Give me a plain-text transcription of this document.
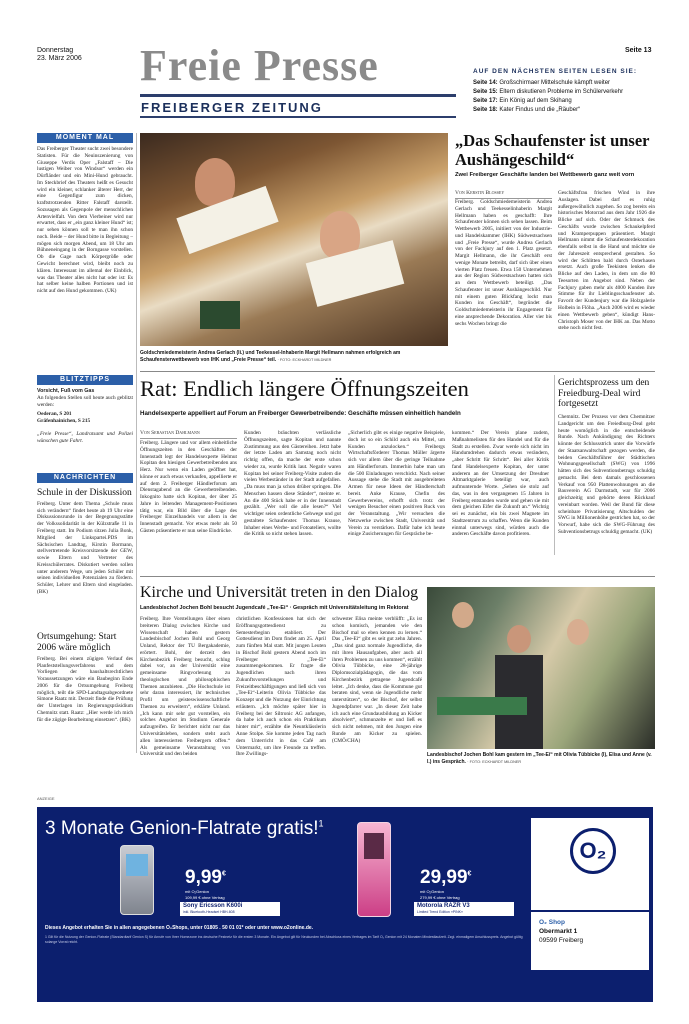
Donnerstag
23. März 2006 Freie Presse
FREIBERGER ZEITUNG
Seite 13
AUF DEN NÄCHSTEN SEITEN LESEN SIE:
Seite 14: Großschirmaer Mittelschule kämpft weiter
Seite 15: Eltern diskutieren Probleme im Schülerverkehr
Seite 17: Ein König auf dem Skihang
Seite 18: Kater Findus und die „Räuber“
MOMENT MAL
Das Freiberger Theater sucht zwei besondere Statisten. Für die Neuinszenierung von Giuseppe Verdis Oper „Falstaff – Die lustigen Weiber von Windsor“ werden ein Dürfländer und ein Mini-Hund gebraucht. Im Steckbrief des Theaters heißt es Gesucht wird ein kleiner, schlanker älterer Herr, der eine Gegenfigur zum dicken, kraftstrotzenden Ritter Falstaff darstellt. Sozusagen als Gegenpole der menschlichen Artenvielfalt. Von dem Vierbeiner wird nur erwartet, dass er „ein ganz kleiner Hund“ ist; nur sehen können soll te man ihn schon noch. Beide – der Hund bitte in Begleitung – mögen sich morgen Abend, um 18 Uhr am Bühneneingang in der Borngasse vorstellen. Ob die Gage nach Körpergröße oder Gewicht berechnet wird, bleibt noch zu klären. Interessant im allemal der Einblick, was das Theater alles nicht hat oder ist: Es hat selber keine halben Portionen und ist nicht auf den Hund gekommen. (UK)
BLITZTIPPS
Vorsicht, Fuß vom Gas
An folgenden Stellen soll heute auch geblitzt werden:
Oederan, S 201
Gräfenhainichen, S 215
„Freie Presse“, Landratsamt und Polizei wünschen gute Fahrt.
NACHRICHTEN
Schule in der Diskussion
Freiberg. Unter dem Thema „Schule muss sich verändern“ findet heute ab 19 Uhr eine Diskussionsrunde in der Begegnungsstätte der Volkssolidarität in der Külzstraße 11 in Freiberg statt. Im Podium sitzen Julia Bonk, Mitglied der Linkspartei.PDS im Sächsischen Landtag, Kirstin Bormann, stellvertretende Kreisvorsitzende der GEW, sowie Eltern und Vertreter des Kreisschülerrates. Diskutiert werden sollen unter anderem Wege, um jeden Schüler mit seinen individuellen Potenzialen zu fördern. Schüler, Lehrer und Eltern sind eingeladen. (BK)
Ortsumgehung: Start 2006 wäre möglich
Freiberg. Bei einem zügigen Verlauf des Planfeststellungsverfahrens und dem Vorliegen der haushaltsrechtlichen Voraussetzungen wäre ein Baubeginn Ende 2006 für die Ortsumgehung Freiberg möglich, teilt die SPD-Landtagsabgeordnete Simone Raatz mit. Derzeit finde die Prüfung der Unterlagen im Regierungspräsidium Chemnitz statt. Raatz: „Hier werde ich mich für die zügige Bearbeitung einsetzen“. (BK)
Goldschmiedemeisterin Andrea Gerlach (li.) und Teekessel-Inhaberin Margit Hellmann nahmen erfolgreich am Schaufensterwettbewerb von IHK und „Freie Presse“ teil. · FOTO: ECKHARDT MILDNER
„Das Schaufenster ist unser Aushängeschild“
Zwei Freiberger Geschäfte landen bei Wettbewerb ganz weit vorn
Von Kerstin Blossey
Freiberg. Goldschmiedemeisterin Andrea Gerlach und Teekesselinhaberin Margit Hellmann haben es geschafft: Ihre Schaufenster können sich sehen lassen. Beim Wettbewerb 2005, initiiert von der Industrie- und Handelskammer (IHK) Südwestsachsen und „Freie Presse“, wurde Andrea Gerlach von der Fachjury auf den 1. Platz gesetzt. Margit Hellmann, die ihr Geschäft erst wenige Monate betreibt, darf sich über einen vierten Platz freuen. Etwa 150 Unternehmen aus der Region Südwestsachsen hatten sich an dem Wettbewerb beteiligt. „Das Schaufenster ist unser Aushängeschild. Nur mit einem guten Blickfang lockt man Kunden ins Geschäft“, begründet die Goldschmiedemeisterin ihr Engagement für eine ansprechende Dekoration. Aller vier bis sechs Wochen bringt die
Geschäftsfrau frischen Wind in ihre Auslagen. Dabei darf es ruhig außergewöhnlich zugehen. So zog bereits ein historisches Motorrad aus dem Jahr 1926 die Blicke auf sich. Oder der Schmuck des Geschäfts wurde zwischen Schaukelpferd und Kramperpuppen präsentiert. Margit Hellmann nimmt die Schaufensterdekoration ebenfalls selbst in die Hand und möchte sie der Jahreszeit entsprechend gestalten. So wird der Schlitten bald durch Osterhasen ersetzt. Auch große Teekisten lenken die Blicke auf den Laden, in dem um die 80 Teesorten im Angebot sind. Neben der Fachjury gaben mehr als 4000 Kunden ihre Stimme für ihr Lieblingsschaufenster ab. Favorit der Kundenjury war die Holzgalerie Holbein in Flöha. „Auch 2006 wird es wieder einen Wettbewerb geben“, kündigt Hans-Christoph Moser von der IHK an. Das Motto stehe noch nicht fest.
Rat: Endlich längere Öffnungszeiten
Handelsexperte appelliert auf Forum an Freiberger Gewerbetreibende: Geschäfte müssen einheitlich handeln
Von Sebastian Dahlmann
Freiberg. Längere und vor allem einheitliche Öffnungszeiten in den Geschäften der Innenstadt legt der Handelsexperte Helmut Kopitan den hiesigen Gewerbetreibenden ans Herz. Nur wenn ein Laden geöffnet hat, könne er auch etwas verkaufen, appellierte er auf dem 2. Freiberger Händlerforum am Dienstagabend an die Gewerbetreibenden. Inkognito hatte sich Kopitan, der über 25 Jahre in leitenden Management-Positionen tätig war, ein Bild über die Lage des Freiberger Einzelhandels vor allem in der Innenstadt gemacht. Vor etwas mehr als 50 Gästen präsentierte er nun seine Eindrücke.
Kunden bräuchten verlässliche Öffnungszeiten, sagte Kopitan und nannte Zustimmung aus den Gästereihen. Jetzt habe der letzte Laden am Samstag noch nicht richtig offen, da mache der erste schon wieder zu, wurde Kritik laut. Negativ waren Kopitan bei seiner Freiberg-Visite zudem die vielen Werbeständer in der Stadt aufgefallen. „Da muss man ja schon drüber springen. Die Menschen hassen diese Ständer“, meinte er. An die 400 Stück habe er in der Innenstadt gezählt. „Wer soll die alle lesen?“ Viel wichtiger seien ordentliche Gehwege und gut gestaltete Schaufenster. Thomas Krause, Inhaber eines Werbe- und Fotoateliers, wollte die Kritik so nicht stehen lassen.
„Sicherlich gibt es einige negative Beispiele, doch ist so ein Schild auch ein Mittel, um Kunden anzulocken.“ Freibergs Wirtschaftsförderer Thomas Müller ärgerte sich vor allem über die geringe Teilnahme am Händlerforum. Immerhin habe man um die 500 Einladungen verschickt. Nach seiner Aussage stehe die Stadt mit ausgebreiteten Armen für neue Ideen der Händlerschaft bereit. Anke Krause, Chefin des Gewerbevereins, erhofft sich trotz der wenigen Besucher einen positiven Ruck von der Veranstaltung. „Wir versuchen die Netzwerke zwischen Stadt, Universität und Verein zu verstärken. Dafür habe ich heute einige Zusicherungen für Gespräche be-
kommen.“ Der Verein plane zudem, Maßnahmelisten für den Handel und für die Stadt zu erstellen. Zwar werde sich nicht im Handumdrehen dadurch etwas verändern, „aber Schritt für Schritt“. Bei aller Kritik fand Handelsexperte Kopitan, der unter anderem an der Umsetzung der Dresdner Altmarktgalerie beteiligt war, auch aufmunternde Worte. „Sehen sie stolz auf das, was in den vergangenen 15 Jahren in Freiberg entstanden wurde und gehen sie mit dem gleichen Eifer die Zukunft an.“ Wichtig sei es zunächst, ein bis zwei Magnete im Stadtzentrum zu schaffen. Wenn die Kunden einmal unterwegs sind, würden auch die anderen Geschäfte davon profitieren.
Gerichtsprozess um den Freiedburg-Deal wird fortgesetzt
Chemnitz. Der Prozess vor dem Chemnitzer Landgericht um den Freiedburg-Deal geht heute womöglich in die entscheidende Runde. Nach Ankündigung des Richters könnte der Schlussstrich unter die Vorwürfe der Staatsanwaltschaft gezogen werden, die beiden Geschäftsführer der Städtischen Wohnungsgesellschaft (SWG) von 1996 hätten sich des Subventionsbetrugs schuldig gemacht. Bei dem damals geschlossenen Verkauf von 950 Plattenwohnungen an die Bauverein AG Darmstadt, war für 2006 gleichzeitig und gehörte deren Rückkauf vereinbart worden. Weil der Bund für diese scheinbare Privatisierung Altschulden der SWG in Millionenhöhe gestrichen hat, so der Vorwurf, habe sich die SWG-Führung des Subventionsbetrugs schuldig gemacht. (UK)
Kirche und Universität treten in den Dialog
Landesbischof Jochen Bohl besucht Jugendcafé „Tee-Ei“ · Gespräch mit Universitätsleitung im Rektorat
Freiberg. Ihre Vorstellungen über einen breiteren Dialog zwischen Kirche und Wissenschaft haben gestern Landesbischof Jochen Bohl und Georg Unland, Rektor der TU Bergakademie, erörtert. Bohl, der derzeit den Kirchenbezirk Freiberg besucht, schlug dabei vor, an der Universität eine gemeinsame Ringvorlesung zu theologischen und philosophischen Themen anzubieten. „Die Hochschule ist sehr daran interessiert, ihr technisches Profil um geisteswissenschaftliche Themen zu erweitern“, erklärte Unland. „Ich kann mir sehr gut vorstellen, ein solches Angebot im Studium Generale aufzugreifen. Er berichtet nicht nur das Universitätsleben, sondern steht auch allen interessierten Freibergern offen.“ Als gemeinsame Veranstaltung von Universität und den beiden
christlichen Konfessionen hat sich der Eröffnungsgottesdienst zu Semesterbeginn etabliert. Der Gottesdienst im Dom findet am 25. April zum fünften Mal statt. Mit jungen Leuten in Bischof Bohl gestern Abend noch im Freiberger „Tee-Ei“ zusammengekommen. Er fragte die Jugendlichen nach ihren Zukunftsvorstellungen und Freizeitbeschäftigungen und ließ sich von „Tee-Ei“-Leiterin Olivia Tübbicke das Konzept und die Nutzung der Einrichtung erläutern. „Ich möchte später hier in Freiberg bei der Siltronic AG anfangen, da habe ich auch schon ein Praktikum hinter mir“, erzählte die Neuntklässlerin Anne Stolpe. Sie komme jeden Tag nach dem Unterricht in das Café am Untermarkt, um ihre Freunde zu treffen. Ihre Zwillings-
schwester Elisa meinte verblüfft: „Es ist schon komisch, jemanden wie den Bischof mal so eben kennen zu lernen.“ Das „Tee-Ei“ gibt es seit gut zehn Jahren. „Das sind ganz normale Jugendliche, die mit ihren Hausaufgaben, aber auch all ihren Problemen zu uns kommen“, erzählt Olivia Tübbicke, eine 28-jährige Diplomsozialpädagogin, die das vom Kirchenbezirk getragene Jugendcafé leitet. „Ich denke, dass die Kommune gut beraten sind, wenn sie Jugendliche mehr unterstützen“, so der Bischof, der selbst Jugendpfarrer war. „In dieser Zeit habe ich auch eine Grundausbildung an Kicker absolviert“, schmunzelte er und ließ es sich nicht nehmen, mit den Jungen eine Runde am Kicker zu spielen. (CMÖ/CHA)
Landesbischof Jochen Bohl kam gestern im „Tee-Ei“ mit Olivia Tübbicke (l), Elisa und Anne (v. l.) ins Gespräch. · FOTO: ECKHARDT MILDNER
ANZEIGE
3 Monate Genion-Flatrate gratis!$^1$
9,99€
mit O₂Genion
109,99 € ohne Vertrag
Sony Ericsson K600i
inkl. Bluetooth-Headset HBH-608
29,99€
mit O₂Genion
279,99 € ohne Vertrag
Motorola RAZR V3
Limited Trend Edition »PINK«
O₂
O₂ Shop
Obermarkt 1
09599 Freiberg
Dieses Angebot erhalten Sie in allen angegebenen O₂Shops, unter 01805 . 50 01 01* oder unter www.o2online.de.
1 Gilt für die Nutzung der Genion-Flatrate (Standardtarif Genion S) für Anrufe von Ihrer Homezone ins deutsche Festnetz für die ersten 3 Monate. Ein Angebot gilt für Neukunden bei Abschluss eines Vertrages im Tarif O₂ Genion mit 24 Monaten Mindestlaufzeit. Zzgl. einmaligem Anschlusspreis. Angebot gültig solange Vorrat reicht.
